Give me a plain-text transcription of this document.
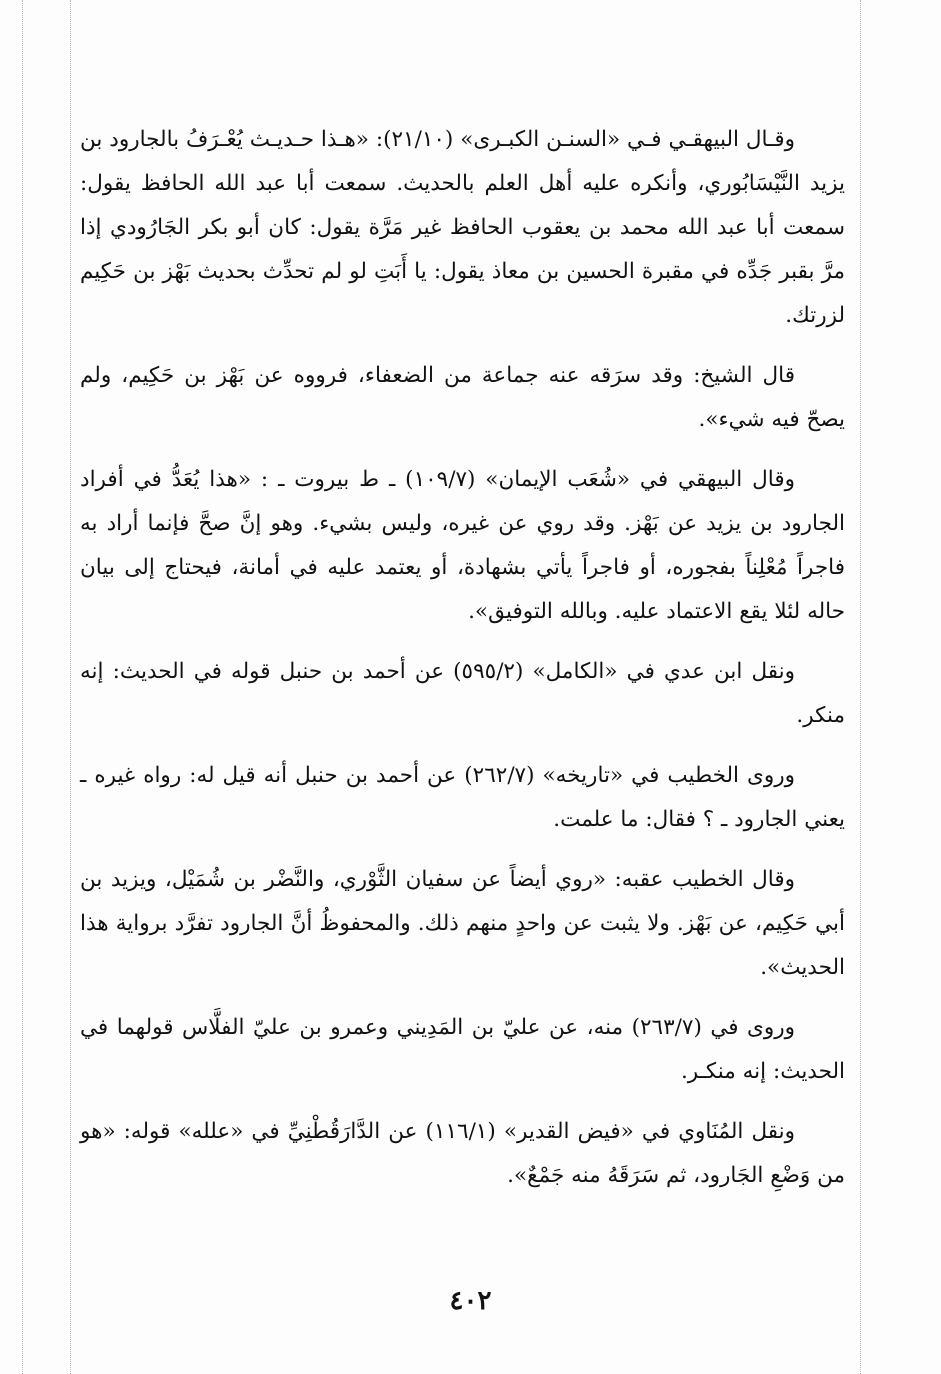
وقـال البيهقـي فـي «السنـن الكبـرى» (٢١/١٠): «هـذا حـديـث يُعْـرَفُ بالجارود بن يزيد النَّيْسَابُوري، وأنكره عليه أهل العلم بالحديث. سمعت أبا عبد الله الحافظ يقول: سمعت أبا عبد الله محمد بن يعقوب الحافظ غير مَرَّة يقول: كان أبو بكر الجَارُودي إذا مرَّ بقبر جَدِّه في مقبرة الحسين بن معاذ يقول: يا أَبَتِ لو لم تحدِّث بحديث بَهْز بن حَكِيم لزرتك.

قال الشيخ: وقد سرَقه عنه جماعة من الضعفاء، فرووه عن بَهْز بن حَكِيم، ولم يصحّ فيه شيء».

وقال البيهقي في «شُعَب الإيمان» (١٠٩/٧) ـ ط بيروت ـ : «هذا يُعَدُّ في أفراد الجارود بن يزيد عن بَهْز. وقد روي عن غيره، وليس بشيء. وهو إنَّ صحَّ فإنما أراد به فاجراً مُعْلِناً بفجوره، أو فاجراً يأتي بشهادة، أو يعتمد عليه في أمانة، فيحتاج إلى بيان حاله لئلا يقع الاعتماد عليه. وبالله التوفيق».

ونقل ابن عدي في «الكامل» (٥٩٥/٢) عن أحمد بن حنبل قوله في الحديث: إنه منكر.

وروى الخطيب في «تاريخه» (٢٦٢/٧) عن أحمد بن حنبل أنه قيل له: رواه غيره ـ يعني الجارود ـ ؟ فقال: ما علمت.

وقال الخطيب عقبه: «روي أيضاً عن سفيان الثَّوْري، والنَّضْر بن شُمَيْل، ويزيد بن أبي حَكِيم، عن بَهْز. ولا يثبت عن واحدٍ منهم ذلك. والمحفوظُ أنَّ الجارود تفرَّد برواية هذا الحديث».

وروى في (٢٦٣/٧) منه، عن عليّ بن المَدِيني وعمرو بن عليّ الفلَّاس قولهما في الحديث: إنه منكـر.

ونقل المُنَاوي في «فيض القدير» (١١٦/١) عن الدَّارَقُطْنِيِّ في «علله» قوله: «هو من وَضْعِ الجَارود، ثم سَرَقَهُ منه جَمْعٌ».

٤٠٢
